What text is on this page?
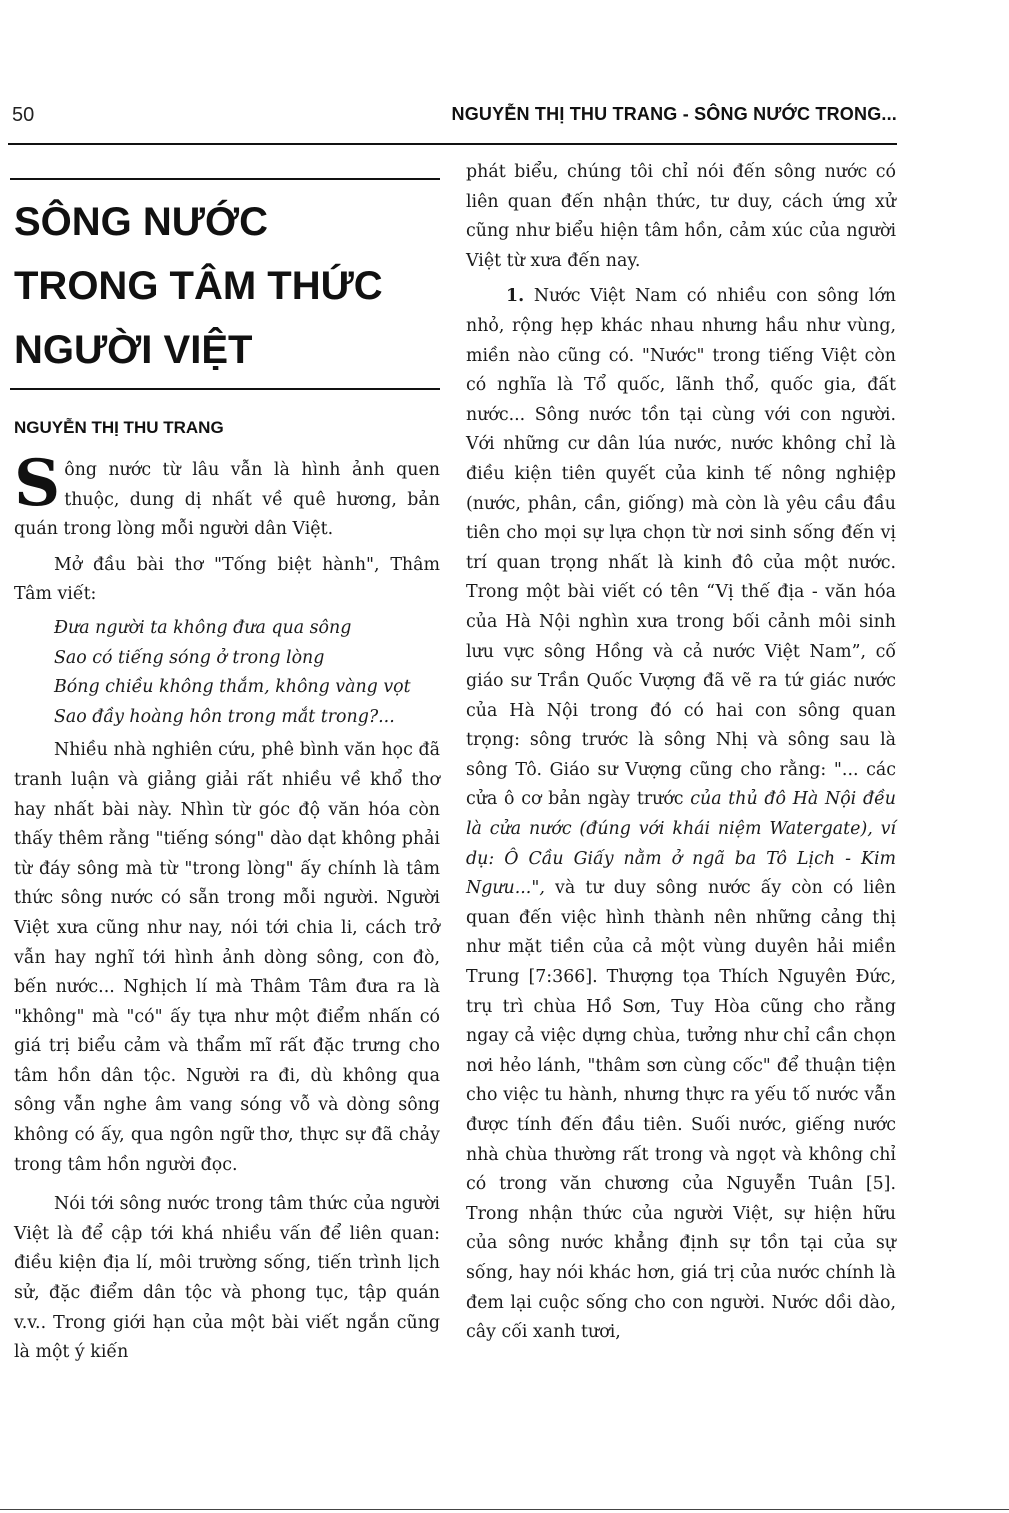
50	NGUYỄN THỊ THU TRANG - SÔNG NƯỚC TRONG...
SÔNG NƯỚC
TRONG TÂM THỨC
NGƯỜI VIỆT
NGUYỄN THỊ THU TRANG

Sông nước từ lâu vẫn là hình ảnh quen thuộc, dung dị nhất về quê hương, bản quán trong lòng mỗi người dân Việt.

Mở đầu bài thơ "Tống biệt hành", Thâm Tâm viết:

Đưa người ta không đưa qua sông

Sao có tiếng sóng ở trong lòng

Bóng chiều không thắm, không vàng vọt

Sao đầy hoàng hôn trong mắt trong?...

Nhiều nhà nghiên cứu, phê bình văn học đã tranh luận và giảng giải rất nhiều về khổ thơ hay nhất bài này. Nhìn từ góc độ văn hóa còn thấy thêm rằng "tiếng sóng" dào dạt không phải từ đáy sông mà từ "trong lòng" ấy chính là tâm thức sông nước có sẵn trong mỗi người. Người Việt xưa cũng như nay, nói tới chia li, cách trở vẫn hay nghĩ tới hình ảnh dòng sông, con đò, bến nước... Nghịch lí mà Thâm Tâm đưa ra là "không" mà "có" ấy tựa như một điểm nhấn có giá trị biểu cảm và thẩm mĩ rất đặc trưng cho tâm hồn dân tộc. Người ra đi, dù không qua sông vẫn nghe âm vang sóng vỗ và dòng sông không có ấy, qua ngôn ngữ thơ, thực sự đã chảy trong tâm hồn người đọc.

Nói tới sông nước trong tâm thức của người Việt là để cập tới khá nhiều vấn để liên quan: điều kiện địa lí, môi trường sống, tiến trình lịch sử, đặc điểm dân tộc và phong tục, tập quán v.v.. Trong giới hạn của một bài viết ngắn cũng là một ý kiến

phát biểu, chúng tôi chỉ nói đến sông nước có liên quan đến nhận thức, tư duy, cách ứng xử cũng như biểu hiện tâm hồn, cảm xúc của người Việt từ xưa đến nay.

1. Nước Việt Nam có nhiều con sông lớn nhỏ, rộng hẹp khác nhau nhưng hầu như vùng, miền nào cũng có. "Nước" trong tiếng Việt còn có nghĩa là Tổ quốc, lãnh thổ, quốc gia, đất nước... Sông nước tồn tại cùng với con người. Với những cư dân lúa nước, nước không chỉ là điều kiện tiên quyết của kinh tế nông nghiệp (nước, phân, cần, giống) mà còn là yêu cầu đầu tiên cho mọi sự lựa chọn từ nơi sinh sống đến vị trí quan trọng nhất là kinh đô của một nước. Trong một bài viết có tên “Vị thế địa - văn hóa của Hà Nội nghìn xưa trong bối cảnh môi sinh lưu vực sông Hồng và cả nước Việt Nam”, cố giáo sư Trần Quốc Vượng đã vẽ ra tứ giác nước của Hà Nội trong đó có hai con sông quan trọng: sông trước là sông Nhị và sông sau là sông Tô. Giáo sư Vượng cũng cho rằng: "... các cửa ô cơ bản ngày trước của thủ đô Hà Nội đều là cửa nước (đúng với khái niệm Watergate), ví dụ: Ô Cầu Giấy nằm ở ngã ba Tô Lịch - Kim Ngưu...", và tư duy sông nước ấy còn có liên quan đến việc hình thành nên những cảng thị như mặt tiền của cả một vùng duyên hải miền Trung [7:366]. Thượng tọa Thích Nguyên Đức, trụ trì chùa Hồ Sơn, Tuy Hòa cũng cho rằng ngay cả việc dựng chùa, tưởng như chỉ cần chọn nơi hẻo lánh, "thâm sơn cùng cốc" để thuận tiện cho việc tu hành, nhưng thực ra yếu tố nước vẫn được tính đến đầu tiên. Suối nước, giếng nước nhà chùa thường rất trong và ngọt và không chỉ có trong văn chương của Nguyễn Tuân [5]. Trong nhận thức của người Việt, sự hiện hữu của sông nước khẳng định sự tồn tại của sự sống, hay nói khác hơn, giá trị của nước chính là đem lại cuộc sống cho con người. Nước dồi dào, cây cối xanh tươi,
